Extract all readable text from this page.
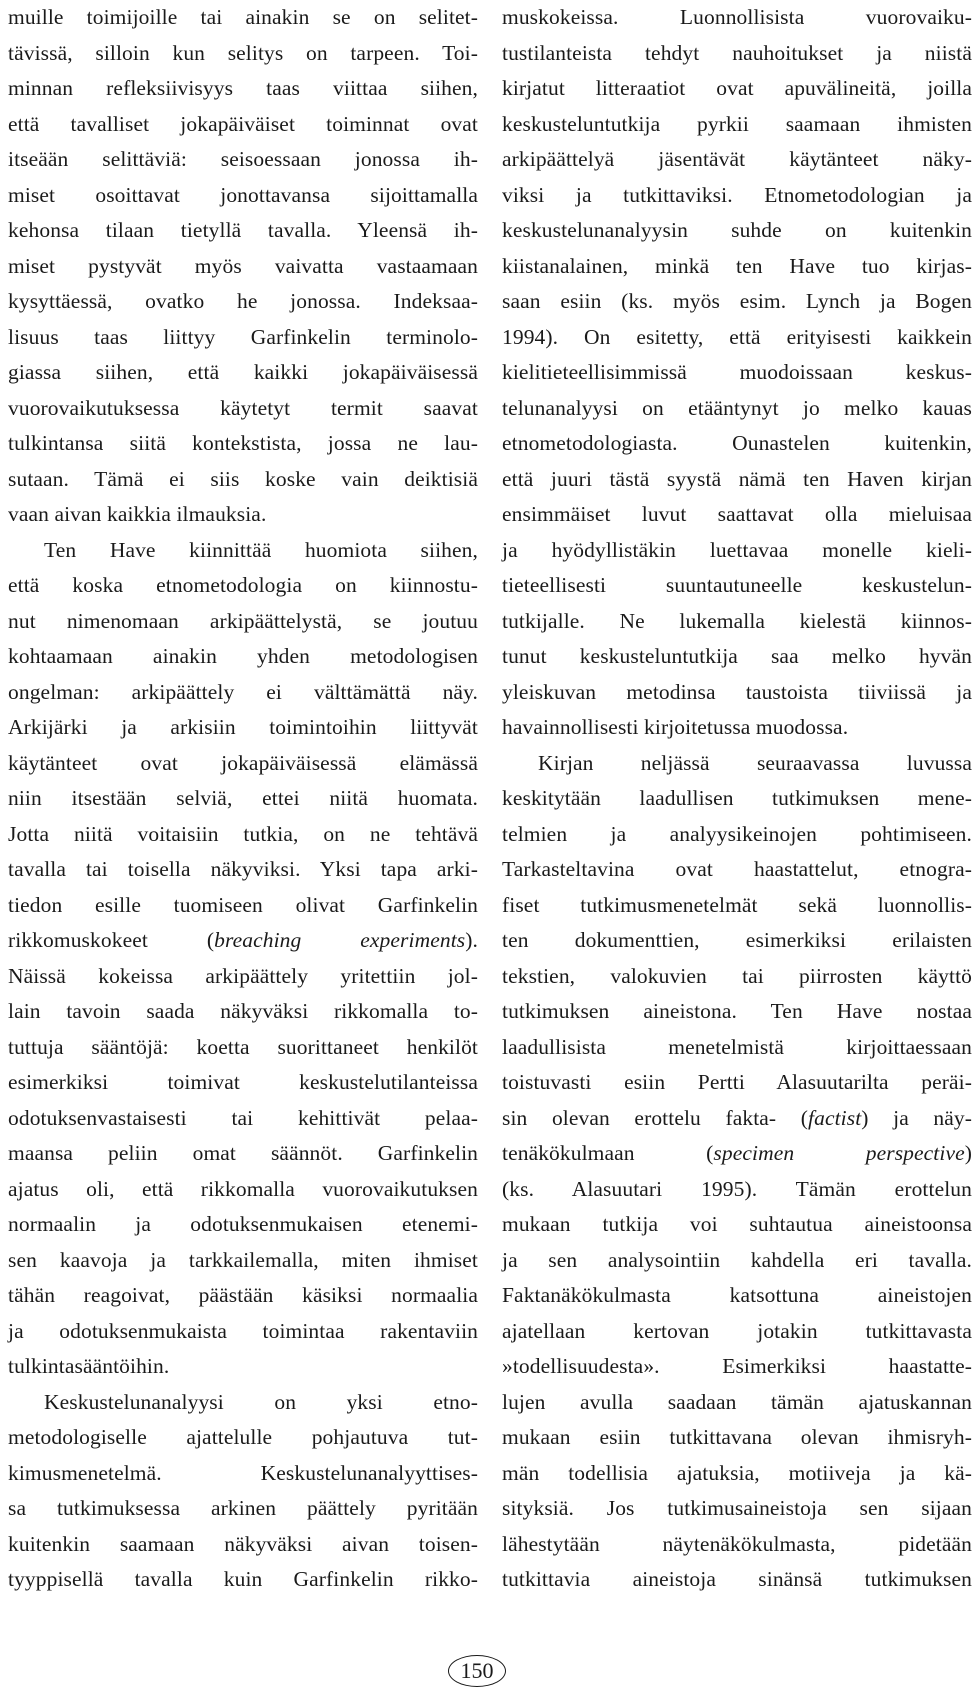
muille toimijoille tai ainakin se on selitet-
tävissä, silloin kun selitys on tarpeen. Toi-
minnan refleksiivisyys taas viittaa siihen,
että tavalliset jokapäiväiset toiminnat ovat
itseään selittäviä: seisoessaan jonossa ih-
miset osoittavat jonottavansa sijoittamalla
kehonsa tilaan tietyllä tavalla. Yleensä ih-
miset pystyvät myös vaivatta vastaamaan
kysyttäessä, ovatko he jonossa. Indeksaa-
lisuus taas liittyy Garfinkelin terminolo-
giassa siihen, että kaikki jokapäiväisessä
vuorovaikutuksessa käytetyt termit saavat
tulkintansa siitä kontekstista, jossa ne lau-
sutaan. Tämä ei siis koske vain deiktisiä
vaan aivan kaikkia ilmauksia.
Ten Have kiinnittää huomiota siihen,
että koska etnometodologia on kiinnostu-
nut nimenomaan arkipäättelystä, se joutuu
kohtaamaan ainakin yhden metodologisen
ongelman: arkipäättely ei välttämättä näy.
Arkijärki ja arkisiin toimintoihin liittyvät
käytänteet ovat jokapäiväisessä elämässä
niin itsestään selviä, ettei niitä huomata.
Jotta niitä voitaisiin tutkia, on ne tehtävä
tavalla tai toisella näkyviksi. Yksi tapa arki-
tiedon esille tuomiseen olivat Garfinkelin
rikkomuskokeet (breaching experiments).
Näissä kokeissa arkipäättely yritettiin jol-
lain tavoin saada näkyväksi rikkomalla to-
tuttuja sääntöjä: koetta suorittaneet henkilöt
esimerkiksi toimivat keskustelutilanteissa
odotuksenvastaisesti tai kehittivät pelaa-
maansa peliin omat säännöt. Garfinkelin
ajatus oli, että rikkomalla vuorovaikutuksen
normaalin ja odotuksenmukaisen etenemi-
sen kaavoja ja tarkkailemalla, miten ihmiset
tähän reagoivat, päästään käsiksi normaalia
ja odotuksenmukaista toimintaa rakentaviin
tulkintasääntöihin.
Keskustelunanalyysi on yksi etno-
metodologiselle ajattelulle pohjautuva tut-
kimusmenetelmä. Keskustelunanalyyttises-
sa tutkimuksessa arkinen päättely pyritään
kuitenkin saamaan näkyväksi aivan toisen-
tyyppisellä tavalla kuin Garfinkelin rikko-
muskokeissa. Luonnollisista vuorovaiku-
tustilanteista tehdyt nauhoitukset ja niistä
kirjatut litteraatiot ovat apuvälineitä, joilla
keskusteluntutkija pyrkii saamaan ihmisten
arkipäättelyä jäsentävät käytänteet näky-
viksi ja tutkittaviksi. Etnometodologian ja
keskustelunanalyysin suhde on kuitenkin
kiistanalainen, minkä ten Have tuo kirjas-
saan esiin (ks. myös esim. Lynch ja Bogen
1994). On esitetty, että erityisesti kaikkein
kielitieteellisimmissä muodoissaan keskus-
telunanalyysi on etääntynyt jo melko kauas
etnometodologiasta. Ounastelen kuitenkin,
että juuri tästä syystä nämä ten Haven kirjan
ensimmäiset luvut saattavat olla mieluisaa
ja hyödyllistäkin luettavaa monelle kieli-
tieteellisesti suuntautuneelle keskustelun-
tutkijalle. Ne lukemalla kielestä kiinnos-
tunut keskusteluntutkija saa melko hyvän
yleiskuvan metodinsa taustoista tiiviissä ja
havainnollisesti kirjoitetussa muodossa.
Kirjan neljässä seuraavassa luvussa
keskitytään laadullisen tutkimuksen mene-
telmien ja analyysikeinojen pohtimiseen.
Tarkasteltavina ovat haastattelut, etnogra-
fiset tutkimusmenetelmät sekä luonnollis-
ten dokumenttien, esimerkiksi erilaisten
tekstien, valokuvien tai piirrosten käyttö
tutkimuksen aineistona. Ten Have nostaa
laadullisista menetelmistä kirjoittaessaan
toistuvasti esiin Pertti Alasuutarilta peräi-
sin olevan erottelu fakta- (factist) ja näy-
tenäkökulmaan (specimen perspective)
(ks. Alasuutari 1995). Tämän erottelun
mukaan tutkija voi suhtautua aineistoonsa
ja sen analysointiin kahdella eri tavalla.
Faktanäkökulmasta katsottuna aineistojen
ajatellaan kertovan jotakin tutkittavasta
»todellisuudesta». Esimerkiksi haastatte-
lujen avulla saadaan tämän ajatuskannan
mukaan esiin tutkittavana olevan ihmisryh-
män todellisia ajatuksia, motiiveja ja kä-
sityksiä. Jos tutkimusaineistoja sen sijaan
lähestytään näytenäkökulmasta, pidetään
tutkittavia aineistoja sinänsä tutkimuksen
150
